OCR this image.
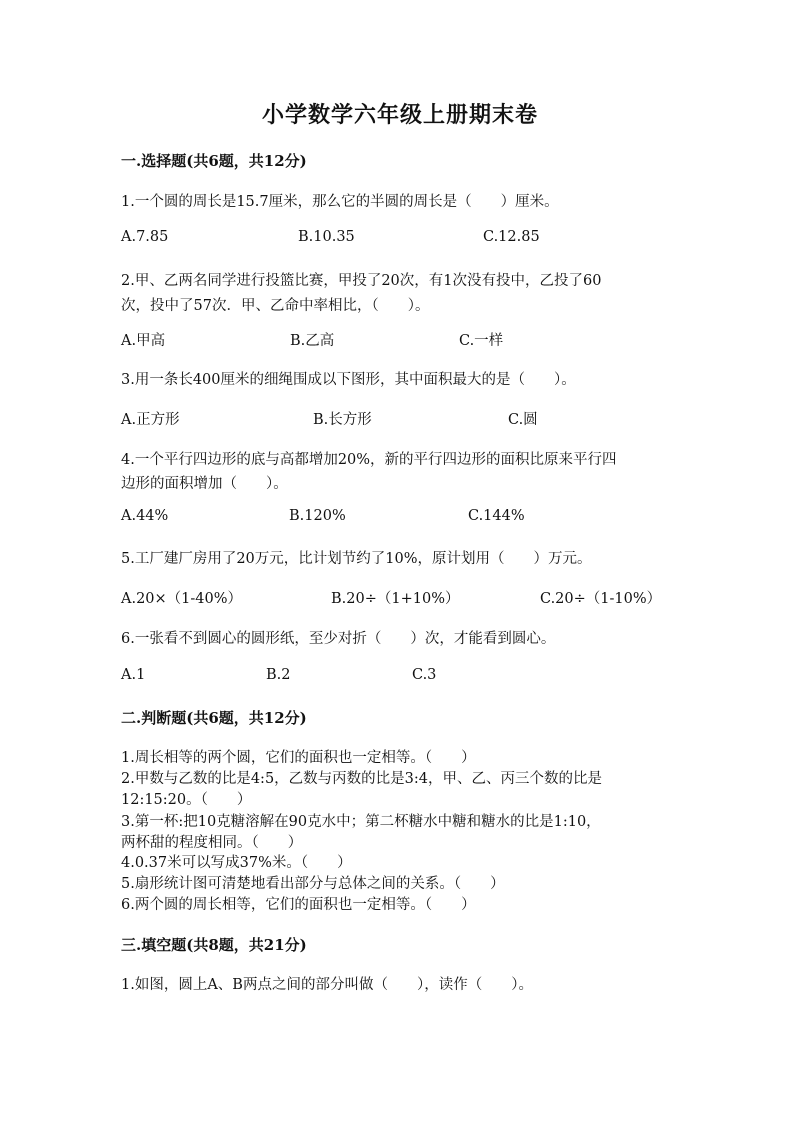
小学数学六年级上册期末卷
一.选择题(共6题，共12分)
1.一个圆的周长是15.7厘米，那么它的半圆的周长是（　　）厘米。
A.7.85	B.10.35	C.12.85
2.甲、乙两名同学进行投篮比赛，甲投了20次，有1次没有投中，乙投了60
次，投中了57次．甲、乙命中率相比，（　　）。
A.甲高	B.乙高	C.一样
3.用一条长400厘米的细绳围成以下图形，其中面积最大的是（　　）。
A.正方形	B.长方形	C.圆
4.一个平行四边形的底与高都增加20%，新的平行四边形的面积比原来平行四
边形的面积增加（　　）。
A.44%	B.120%	C.144%
5.工厂建厂房用了20万元，比计划节约了10%，原计划用（　　）万元。
A.20×（1-40%）	B.20÷（1+10%）	C.20÷（1-10%）
6.一张看不到圆心的圆形纸，至少对折（　　）次，才能看到圆心。
A.1	B.2	C.3
二.判断题(共6题，共12分)
1.周长相等的两个圆，它们的面积也一定相等。（　　）
2.甲数与乙数的比是4:5，乙数与丙数的比是3:4，甲、乙、丙三个数的比是
12:15:20。（　　）
3.第一杯:把10克糖溶解在90克水中；第二杯糖水中糖和糖水的比是1:10，
两杯甜的程度相同。（　　）
4.0.37米可以写成37%米。（　　）
5.扇形统计图可清楚地看出部分与总体之间的关系。（　　）
6.两个圆的周长相等，它们的面积也一定相等。（　　）
三.填空题(共8题，共21分)
1.如图，圆上A、B两点之间的部分叫做（　　），读作（　　）。
